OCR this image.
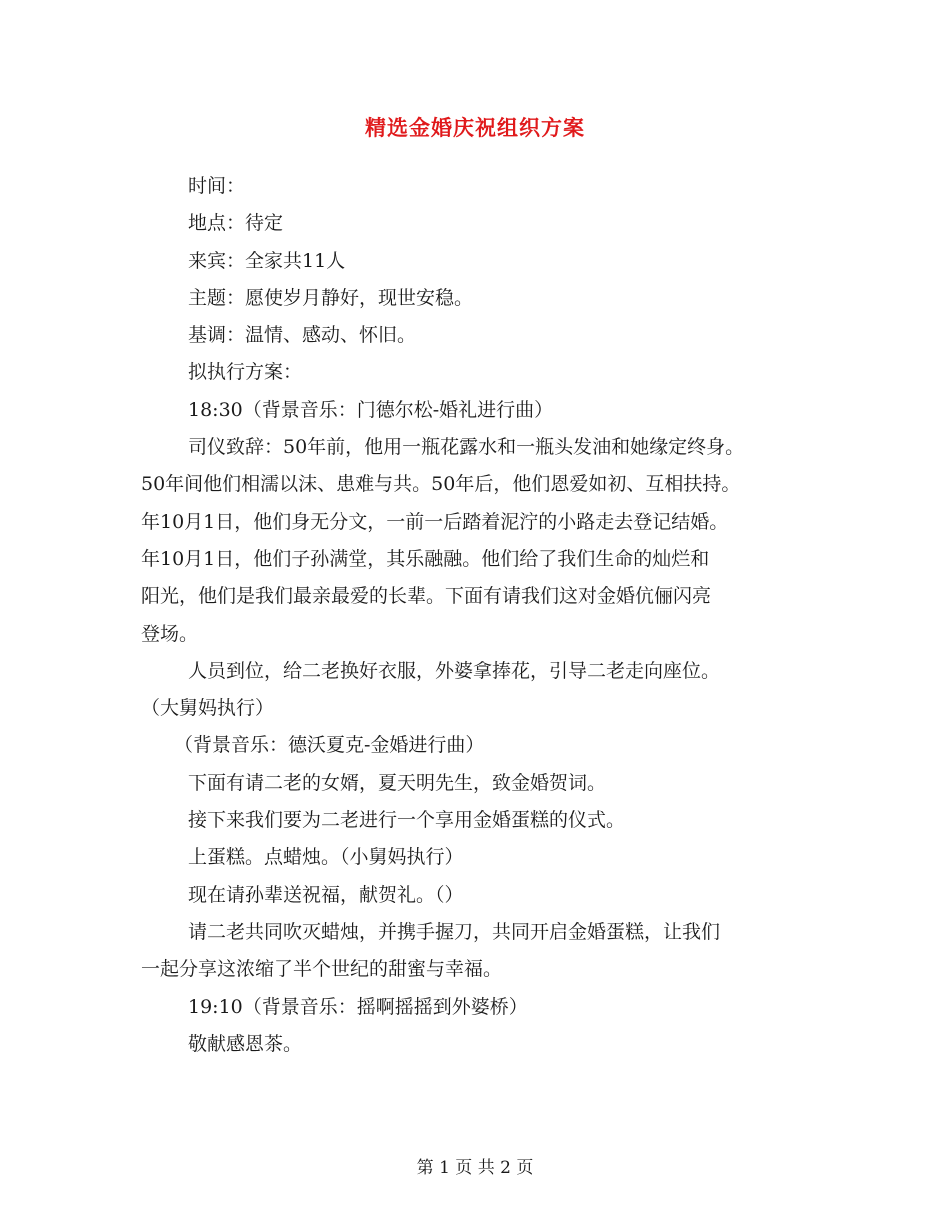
精选金婚庆祝组织方案

时间：

地点：待定

来宾：全家共11人

主题：愿使岁月静好，现世安稳。

基调：温情、感动、怀旧。

拟执行方案：

18:30（背景音乐：门德尔松-婚礼进行曲）

司仪致辞：50年前，他用一瓶花露水和一瓶头发油和她缘定终身。

50年间他们相濡以沫、患难与共。50年后，他们恩爱如初、互相扶持。

年10月1日，他们身无分文，一前一后踏着泥泞的小路走去登记结婚。

年10月1日，他们子孙满堂，其乐融融。他们给了我们生命的灿烂和

阳光，他们是我们最亲最爱的长辈。下面有请我们这对金婚伉俪闪亮

登场。

人员到位，给二老换好衣服，外婆拿捧花，引导二老走向座位。

（大舅妈执行）

（背景音乐：德沃夏克-金婚进行曲）

下面有请二老的女婿，夏天明先生，致金婚贺词。

接下来我们要为二老进行一个享用金婚蛋糕的仪式。

上蛋糕。点蜡烛。（小舅妈执行）

现在请孙辈送祝福，献贺礼。（）

请二老共同吹灭蜡烛，并携手握刀，共同开启金婚蛋糕，让我们

一起分享这浓缩了半个世纪的甜蜜与幸福。

19:10（背景音乐：摇啊摇摇到外婆桥）

敬献感恩茶。

第 1 页 共 2 页
